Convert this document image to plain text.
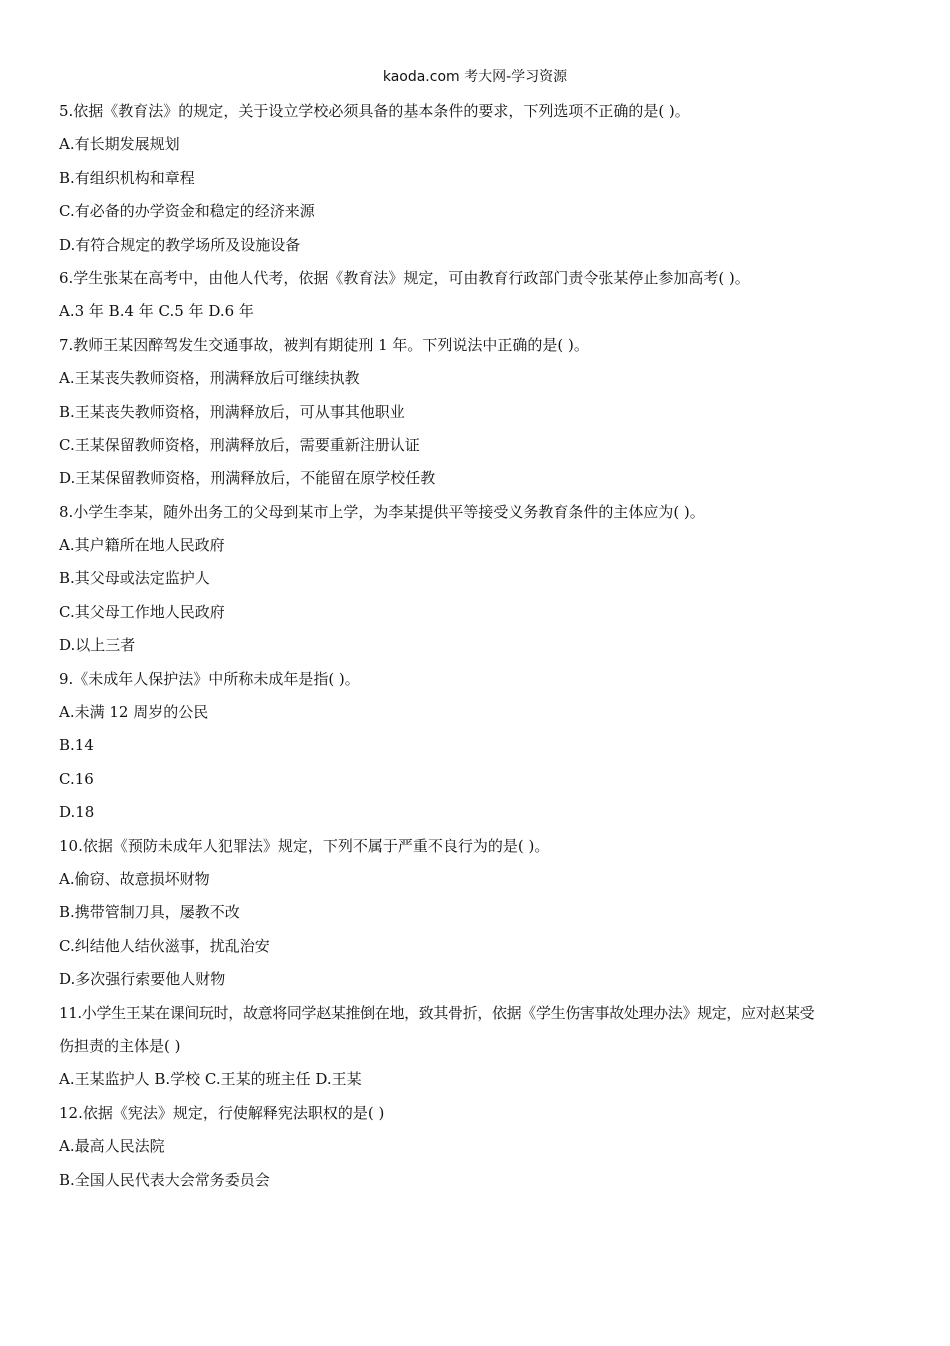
kaoda.com 考大网-学习资源
5.依据《教育法》的规定，关于设立学校必须具备的基本条件的要求，下列选项不正确的是( )。
A.有长期发展规划
B.有组织机构和章程
C.有必备的办学资金和稳定的经济来源
D.有符合规定的教学场所及设施设备
6.学生张某在高考中，由他人代考，依据《教育法》规定，可由教育行政部门责令张某停止参加高考( )。
A.3 年 B.4 年 C.5 年 D.6 年
7.教师王某因醉驾发生交通事故，被判有期徒刑 1 年。下列说法中正确的是( )。
A.王某丧失教师资格，刑满释放后可继续执教
B.王某丧失教师资格，刑满释放后，可从事其他职业
C.王某保留教师资格，刑满释放后，需要重新注册认证
D.王某保留教师资格，刑满释放后，不能留在原学校任教
8.小学生李某，随外出务工的父母到某市上学，为李某提供平等接受义务教育条件的主体应为( )。
A.其户籍所在地人民政府
B.其父母或法定监护人
C.其父母工作地人民政府
D.以上三者
9.《未成年人保护法》中所称未成年是指( )。
A.未满 12 周岁的公民
B.14
C.16
D.18
10.依据《预防未成年人犯罪法》规定，下列不属于严重不良行为的是( )。
A.偷窃、故意损坏财物
B.携带管制刀具，屡教不改
C.纠结他人结伙滋事，扰乱治安
D.多次强行索要他人财物
11.小学生王某在课间玩时，故意将同学赵某推倒在地，致其骨折，依据《学生伤害事故处理办法》规定，应对赵某受
伤担责的主体是( )
A.王某监护人 B.学校 C.王某的班主任 D.王某
12.依据《宪法》规定，行使解释宪法职权的是( )
A.最高人民法院
B.全国人民代表大会常务委员会
